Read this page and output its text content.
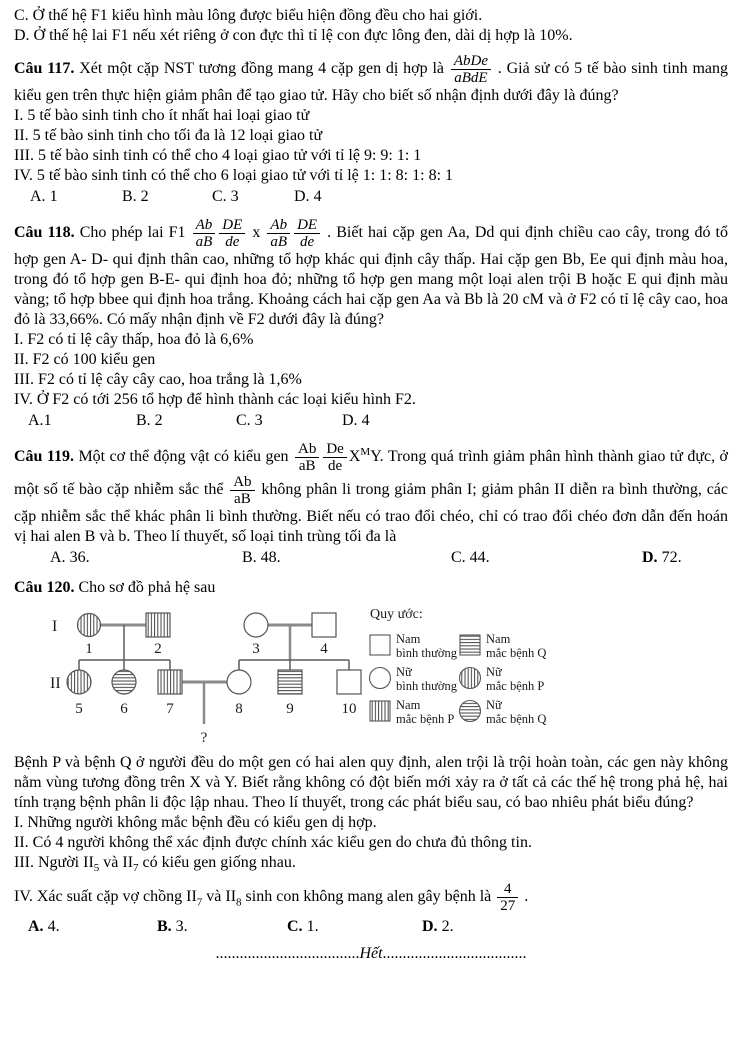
C. Ở thế hệ F1 kiểu hình màu lông được biểu hiện đồng đều cho hai giới.
D. Ở thế hệ lai F1 nếu xét riêng ở con đực thì tỉ lệ con đực lông đen, dài dị hợp là 10%.
Câu 117. Xét một cặp NST tương đồng mang 4 cặp gen dị hợp là $\frac{\text{AbDe}}{\text{aBdE}}$ . Giả sử có 5 tế bào sinh tinh mang kiểu gen trên thực hiện giảm phân để tạo giao tử. Hãy cho biết số nhận định dưới đây là đúng?
I. 5 tế bào sinh tinh cho ít nhất hai loại giao tử
II. 5 tế bào sinh tinh cho tối đa là 12 loại giao tử
III. 5 tế bào sinh tinh có thể cho 4 loại giao tử với tỉ lệ 9: 9: 1: 1
IV. 5 tế bào sinh tinh có thể cho 6 loại giao tử với tỉ lệ 1: 1: 8: 1: 8: 1
A. 1	B. 2	C. 3	D. 4
Câu 118. Cho phép lai $F1 \frac{Ab}{aB} \frac{DE}{de}$ x $\frac{Ab}{aB} \frac{DE}{de}$ . Biết hai cặp gen Aa, Dd qui định chiều cao cây, trong đó tổ hợp gen A- D- qui định thân cao, những tổ hợp khác qui định cây thấp. Hai cặp gen Bb, Ee qui định màu hoa, trong đó tổ hợp gen B-E- qui định hoa đỏ; những tổ hợp gen mang một loại alen trội B hoặc E qui định màu vàng; tổ hợp bbee qui định hoa trắng. Khoảng cách hai cặp gen Aa và Bb là 20 cM và ở F2 có tỉ lệ cây cao, hoa đỏ là 33,66%. Có mấy nhận định về F2 dưới đây là đúng?
I. F2 có tỉ lệ cây thấp, hoa đỏ là 6,6%
II. F2 có 100 kiểu gen
III. F2 có tỉ lệ cây cây cao, hoa trắng là 1,6%
IV. Ở F2 có tới 256 tổ hợp để hình thành các loại kiểu hình F2.
A.1	B. 2	C. 3	D. 4
Câu 119. Một cơ thể động vật có kiểu gen $\frac{Ab}{aB} \frac{De}{de} X^MY$. Trong quá trình giảm phân hình thành giao tử đực, ở một số tế bào cặp nhiễm sắc thể $\frac{Ab}{aB}$ không phân li trong giảm phân I; giảm phân II diễn ra bình thường, các cặp nhiễm sắc thể khác phân li bình thường. Biết nếu có trao đổi chéo, chỉ có trao đổi chéo đơn dẫn đến hoán vị hai alen B và b. Theo lí thuyết, số loại tinh trùng tối đa là
A. 36.	B. 48.	C. 44.	D. 72.
Câu 120. Cho sơ đồ phả hệ sau
I
II
1	2	3	4
5	6	7	8	9	10
?
Quy ước:
Nam
bình thường
Nam
mắc bệnh Q
Nữ
bình thường
Nữ
mắc bệnh P
Nam
mắc bệnh P
Nữ
mắc bệnh Q
Bệnh P và bệnh Q ở người đều do một gen có hai alen quy định, alen trội là trội hoàn toàn, các gen này không nằm vùng tương đồng trên X và Y. Biết rằng không có đột biến mới xảy ra ở tất cả các thế hệ trong phả hệ, hai tính trạng bệnh phân li độc lập nhau. Theo lí thuyết, trong các phát biểu sau, có bao nhiêu phát biểu đúng?
I. Những người không mắc bệnh đều có kiểu gen dị hợp.
II. Có 4 người không thể xác định được chính xác kiểu gen do chưa đủ thông tin.
III. Người $II_5$ và $II_7$ có kiểu gen giống nhau.
IV. Xác suất cặp vợ chồng $II_7$ và $II_8$ sinh con không mang alen gây bệnh là $\frac{4}{27}$ .
A. 4.	B. 3.	C. 1.	D. 2.
....................................Hết....................................
